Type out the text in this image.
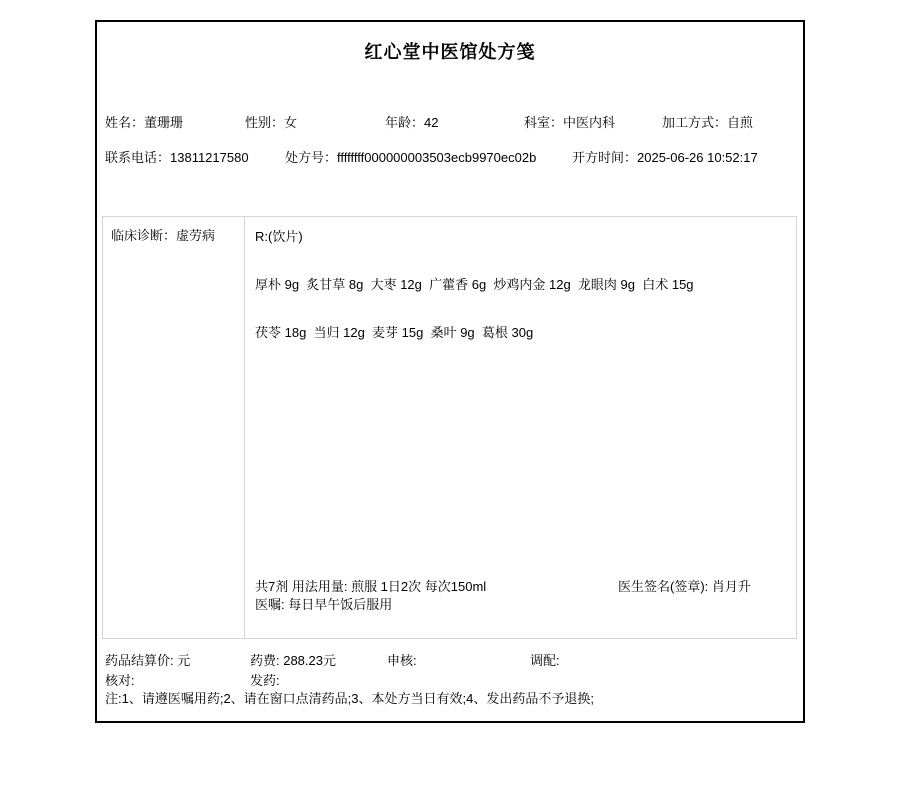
红心堂中医馆处方笺
姓名：董珊珊	性别：女	年龄：42	科室：中医内科	加工方式：自煎
联系电话：13811217580	处方号：ffffffff000000003503ecb9970ec02b	开方时间：2025-06-26 10:52:17
临床诊断：虚劳病	R:(饮片)
厚朴 9g  炙甘草 8g  大枣 12g  广藿香 6g  炒鸡内金 12g  龙眼肉 9g  白术 15g
茯苓 18g  当归 12g  麦芽 15g  桑叶 9g  葛根 30g
共7剂 用法用量: 煎服 1日2次 每次150ml
医嘱: 每日早午饭后服用
医生签名(签章): 肖月升
药品结算价: 元	药费: 288.23元	申核:	调配:
核对:	发药:
注:1、请遵医嘱用药;2、请在窗口点清药品;3、本处方当日有效;4、发出药品不予退换;
